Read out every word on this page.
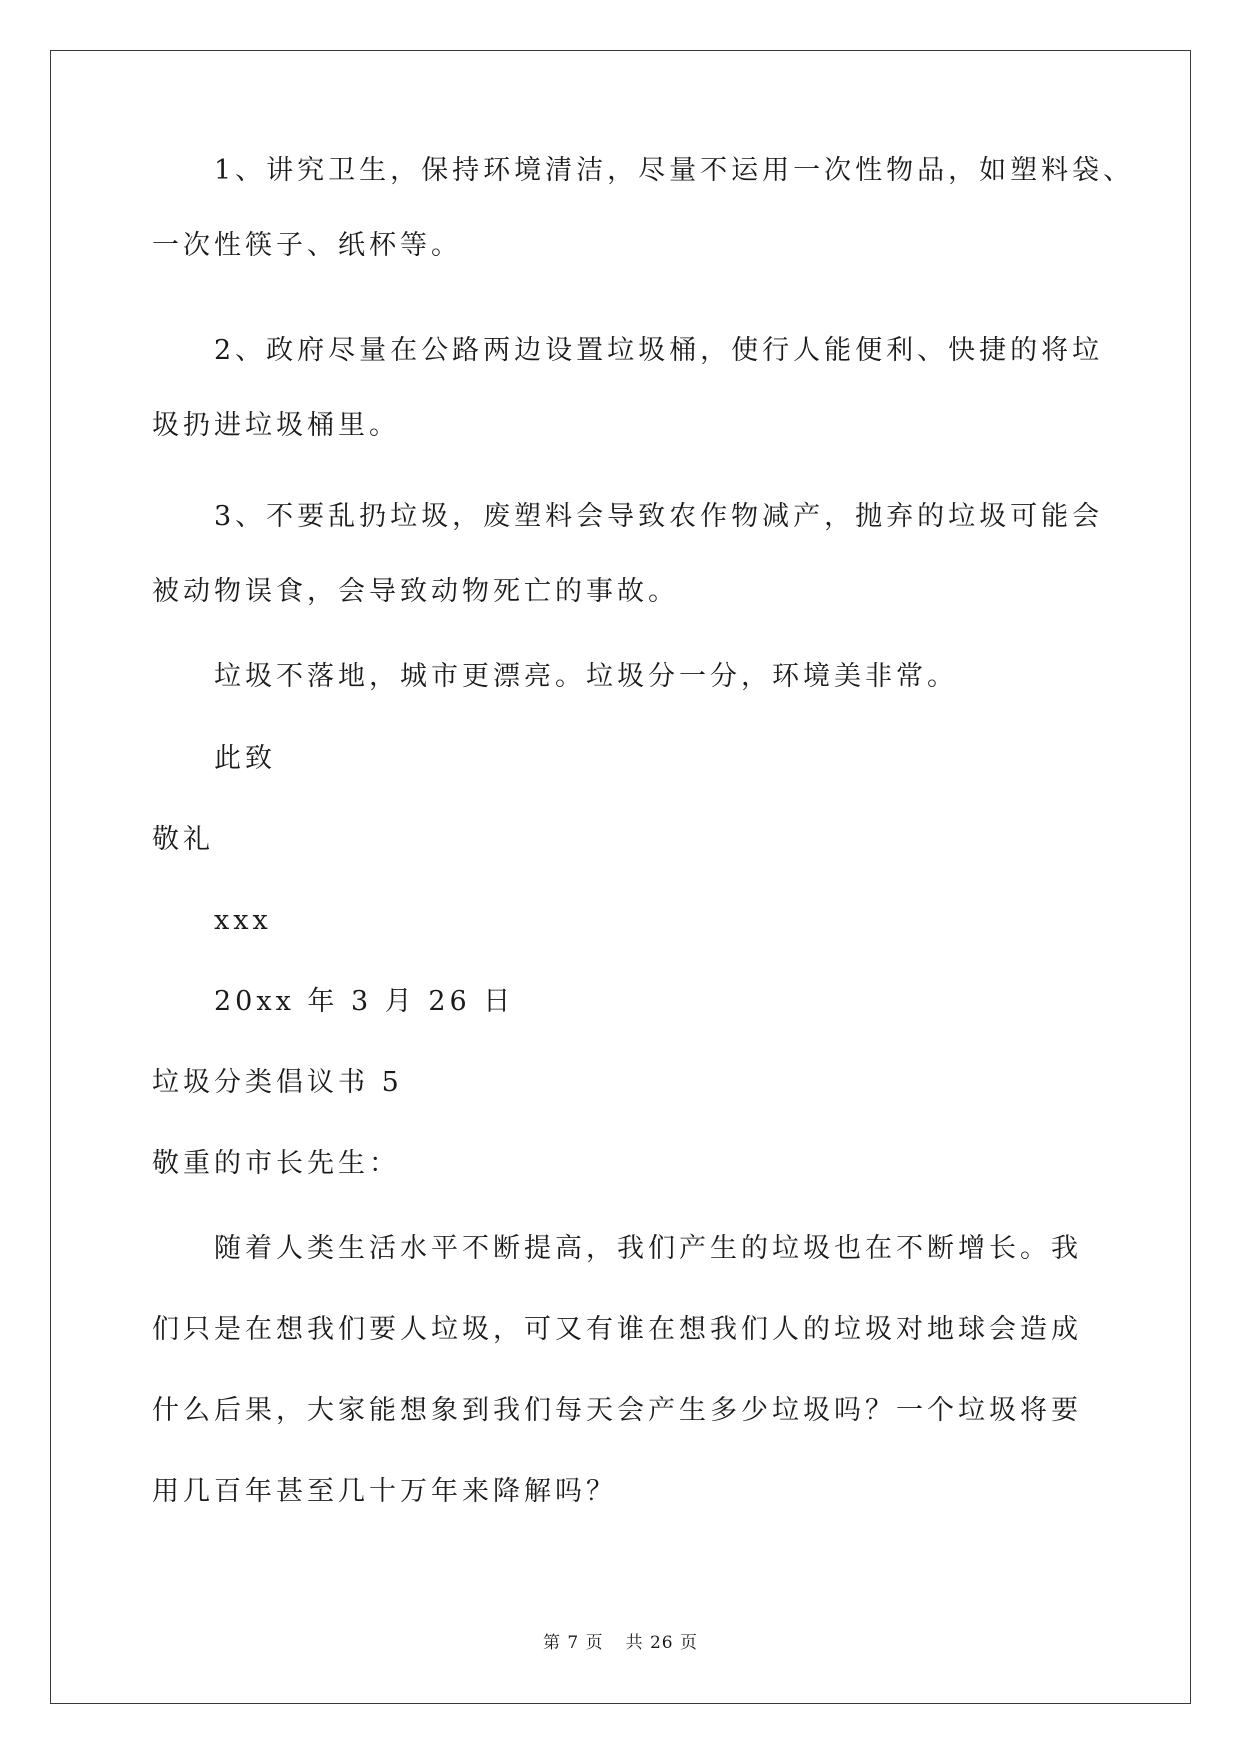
1、讲究卫生，保持环境清洁，尽量不运用一次性物品，如塑料袋、
一次性筷子、纸杯等。
2、政府尽量在公路两边设置垃圾桶，使行人能便利、快捷的将垃
圾扔进垃圾桶里。
3、不要乱扔垃圾，废塑料会导致农作物减产，抛弃的垃圾可能会
被动物误食，会导致动物死亡的事故。
垃圾不落地，城市更漂亮。垃圾分一分，环境美非常。
此致
敬礼
xxx
20xx 年 3 月 26 日
垃圾分类倡议书 5
敬重的市长先生：
随着人类生活水平不断提高，我们产生的垃圾也在不断增长。我
们只是在想我们要人垃圾，可又有谁在想我们人的垃圾对地球会造成
什么后果，大家能想象到我们每天会产生多少垃圾吗？一个垃圾将要
用几百年甚至几十万年来降解吗？
第 7 页 共 26 页
